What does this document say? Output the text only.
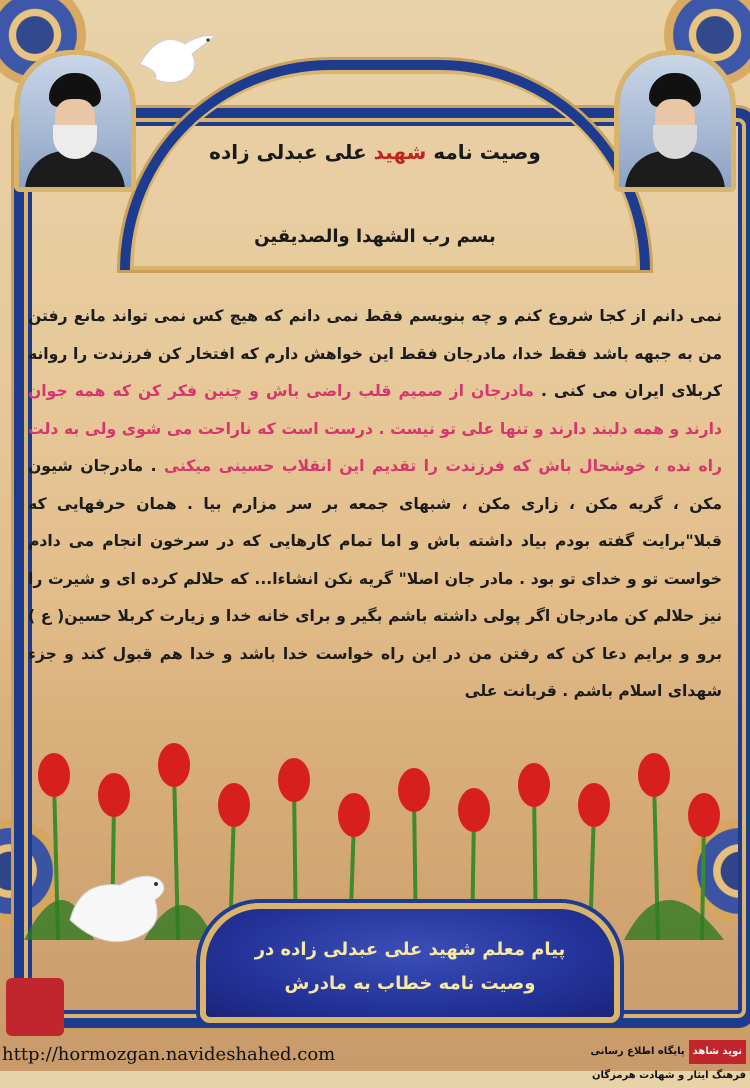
وصیت نامه شهید علی عبدلی زاده
بسم رب الشهدا والصدیقین
نمی دانم از کجا شروع کنم و چه بنویسم فقط نمی دانم که هیچ کس نمی تواند مانع رفتن من به جبهه باشد فقط خدا، مادرجان فقط این خواهش دارم که افتخار کن فرزندت را روانه کربلای ایران می کنی . مادرجان از صمیم قلب راضی باش و چنین فکر کن که همه جوان دارند و همه دلبند دارند و تنها علی تو نیست . درست است که ناراحت می شوی ولی به دلت راه نده ، خوشحال باش که فرزندت را تقدیم این انقلاب حسینی میکنی . مادرجان شیون مکن ، گریه مکن ، زاری مکن ، شبهای جمعه بر سر مزارم بیا . همان حرفهایی که قبلا"برایت گفته بودم بیاد داشته باش و اما تمام کارهایی که در سرخون انجام می دادم خواست تو و خدای تو بود . مادر جان اصلا" گریه نکن انشاءا... که حلالم کرده ای و شیرت را نیز حلالم کن مادرجان اگر پولی داشته باشم بگیر و برای خانه خدا و زیارت کربلا حسین( ع ) برو و برایم دعا کن که رفتن من در این راه خواست خدا باشد و خدا هم قبول کند و جزء شهدای اسلام باشم . قربانت علی
پیام معلم شهید علی عبدلی زاده در
وصیت نامه خطاب به مادرش
http://hormozgan.navideshahed.com	نوید شاهدپایگاه اطلاع رسانی فرهنگ ایثار و شهادت هرمزگان
